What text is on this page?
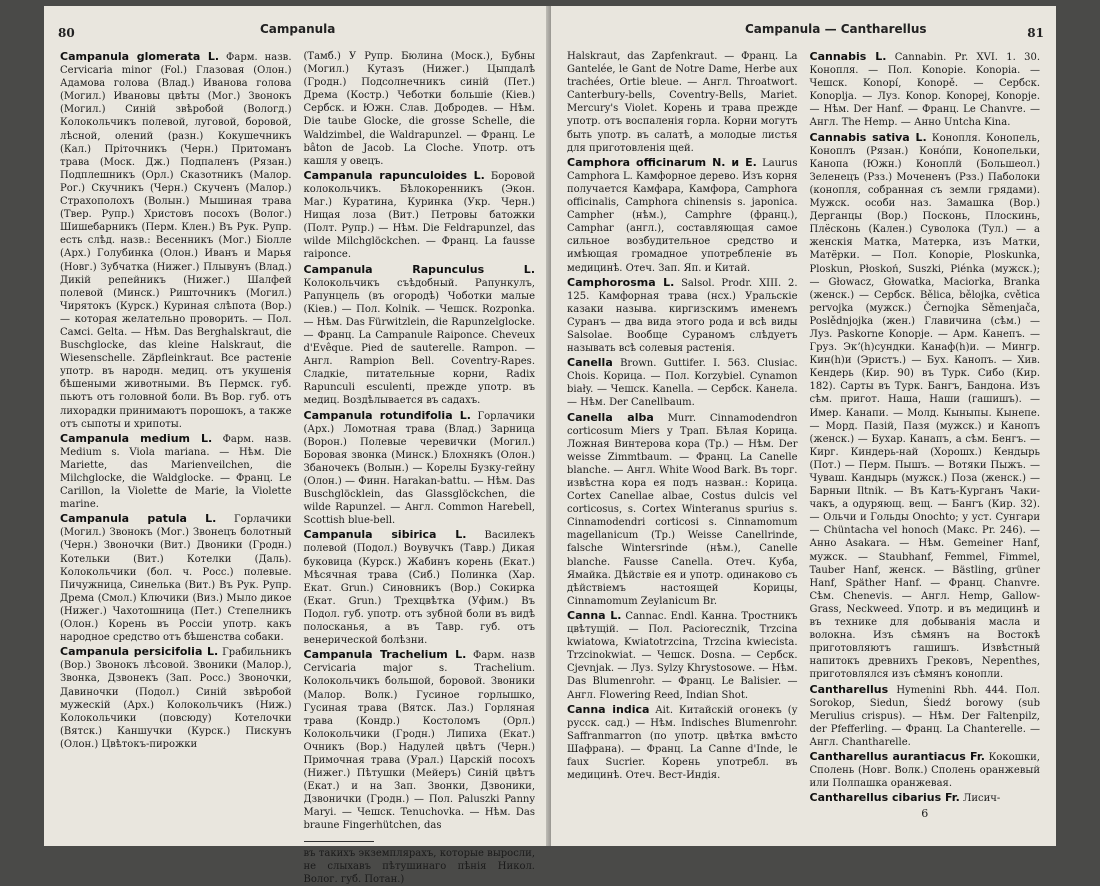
80	Campanula

Campanula glomerata L. Фарм. назв. Cervicaria minor (Fol.) Глазовая (Олон.) Адамова голова (Влад.) Ивановa голова (Могил.) Ивановы цвѣты (Мог.) Звонокъ (Могил.) Синій звѣробой (Вологд.) Колокольчикъ полевой, луговой, боровой, лѣсной, олений (разн.) Кокушечникъ (Кал.) Пріточникъ (Черн.) Притоманъ трава (Моск. Дж.) Подпаленъ (Рязан.) Подплешникъ (Орл.) Сказотникъ (Малор. Рог.) Скучникъ (Черн.) Скученъ (Малор.) Страхополохъ (Волын.) Мышиная трава (Твер. Рупр.) Христовъ посохъ (Волог.) Шишебарникъ (Перм. Клен.) Въ Рук. Рупр. есть слѣд. назв.: Весенникъ (Мог.) Біолле (Арх.) Голубинка (Олон.) Иванъ и Марья (Новг.) Зубчатка (Нижег.) Плывунъ (Влад.) Дикій репейникъ (Нижег.) Шалфей полевой (Минск.) Ришточникъ (Могил.) Чирятокъ (Курск.) Куриная слѣпота (Вор.) — которая желательно проворить. — Пол. Самсі. Gelta. — Нѣм. Das Berghalskraut, die Buschglocke, das kleine Halskraut, die Wiesenschelle. Zäpfleinkraut. Все растеніе употр. въ народн. медиц. отъ укушенія бѣшеными животными. Въ Пермск. губ. пьютъ отъ головной боли. Въ Вор. губ. отъ лихорадки принимаютъ порошокъ, а также отъ сыпоты и хрипоты.

Campanula medium L. Фарм. назв. Medium s. Viola mariana. — Нѣм. Die Mariette, das Marienveilchen, die Milchglocke, die Waldglocke. — Франц. Le Carillon, la Violette de Marie, la Violette marine.

Campanula patula L. Горлачики (Могил.) Звонокъ (Мог.) Звонецъ болотный (Черн.) Звоночки (Вит.) Двоники (Гродн.) Котельки (Вит.) Котелки (Даль). Колокольчики (бол. ч. Росс.) полевые. Пичужница, Синелька (Вит.) Въ Рук. Рупр. Дрема (Смол.) Ключики (Виз.) Мыло дикое (Нижег.) Чахотошница (Пет.) Степелникъ (Олон.) Корень въ Россіи употр. какъ народное средство отъ бѣшенства собаки.

Campanula persicifolia L. Грабильникъ (Вор.) Звонокъ лѣсовой. Звоники (Малор.), Звонка, Дзвонекъ (Зап. Росс.) Звоночки, Давиночки (Подол.) Синій звѣробой мужескій (Арх.) Колокольчикъ (Ниж.) Колокольчики (повсюду) Котелочки (Вятск.) Каншучки (Курск.) Пискунъ (Олон.) Цвѣтокъ-пирожки

(Тамб.) У Рупр. Бюлина (Моск.), Бубны (Могил.) Кутазъ (Нижег.) Цыпдалѣ (Гродн.) Подсолнечникъ синій (Пет.) Дрема (Костр.) Чеботки большіе (Кіев.) Сербск. и Южн. Слав. Добродев. — Нѣм. Die taube Glocke, die grosse Schelle, die Waldzimbel, die Waldrapunzel. — Франц. Le bâton de Jacob. La Cloche. Употр. отъ кашля у овецъ.

Campanula rapunculoides L. Боровой колокольчикъ. Бѣлокоренникъ (Экон. Маг.) Куратина, Куринка (Укр. Черн.) Нищая лоза (Вит.) Петровы батожки (Полт. Рупр.) — Нѣм. Die Feldrapunzel, das wilde Milchglöckchen. — Франц. La fausse raiponce.

Campanula Rapunculus L. Колокольчикъ съѣдобный. Рапункулъ, Рапунцель (въ огородѣ) Чоботки малые (Кіев.) — Пол. Kolnik. — Чешск. Rozponka. — Нѣм. Das Fürwitzlein, die Rapunzelglocke. — Франц. La Campanule Raiponce. Cheveux d'Evêque. Pied de sauterelle. Rampon. — Англ. Rampion Bell. Coventry-Rapes. Сладкіе, питательные корни, Radix Rapunculi esculenti, прежде употр. въ медиц. Воздѣлывается въ садахъ.

Campanula rotundifolia L. Горлачики (Арх.) Ломотная трава (Влад.) Зарница (Ворон.) Полевые черевички (Могил.) Боровая звонка (Минск.) Блохнякъ (Олон.) Збаночекъ (Волын.) — Корелы Бузку-гейну (Олон.) — Финн. Harakan-battu. — Нѣм. Das Buschglöcklein, das Glassglöckchen, die wilde Rapunzel. — Англ. Common Harebell, Scottish blue-bell.

Campanula sibirica L. Василекъ полевой (Подол.) Воувучкъ (Тавр.) Дикая буковица (Курск.) Жабинъ корень (Екат.) Мѣсячная трава (Сиб.) Полинка (Хар. Екат. Grun.) Синовникъ (Вор.) Сокирка (Екат. Grun.) Трехцвѣтка (Уфим.) Въ Подол. губ. употр. отъ зубной боли въ видѣ полосканья, а въ Тавр. губ. отъ венерической болѣзни.

Campanula Trachelium L. Фарм. назв Cervicaria major s. Trachelium. Колокольчикъ большой, боровой. Звоники (Малор. Волк.) Гусиное горлышко, Гусиная трава (Вятск. Лаз.) Горляная трава (Кондр.) Костоломъ (Орл.) Колокольчики (Гродн.) Липиха (Екат.) Очникъ (Вор.) Надулей цвѣтъ (Черн.) Примочная трава (Урал.) Царскій посохъ (Нижег.) Пѣтушки (Мейеръ) Синій цвѣтъ (Екат.) и на Зап. Звонки, Дзвоники, Дзвонички (Гродн.) — Пол. Paluszki Panny Maryi. — Чешск. Tenuchovka. — Нѣм. Das braune Fingerhütchen, das

въ такихъ экземплярахъ, которые выросли, не слыхавъ пѣтушинаго пѣнія Никол. Волог. губ. Потан.)
Campanula — Cantharellus	81

Halskraut, das Zapfenkraut. — Франц. La Gantelée, le Gant de Notre Dame, Herbe aux trachées, Ortie bleue. — Англ. Throatwort. Canterbury-bells, Coventry-Bells, Mariet. Mercury's Violet. Корень и трава прежде употр. отъ воспаленія горла. Корни могутъ быть употр. въ салатѣ, а молодые листья для приготовленія щей.

Camphora officinarum N. и E. Laurus Camphora L. Камфорное дерево. Изъ корня получается Камфара, Камфора, Camphora officinalis, Camphora chinensis s. japonica. Campher (нѣм.), Camphre (франц.), Camphar (англ.), составляющая самое сильное возбудительное средство и имѣющая громадное употребленіе въ медицинѣ. Отеч. Зап. Яп. и Китай.

Camphorosma L. Salsol. Prodr. XIII. 2. 125. Камфорная трава (нсх.) Уральскіе казаки называ. киргизскимъ именемъ Суранъ — два вида этого рода и всѣ виды Salsolae. Вообще Сураномъ слѣдуетъ называть всѣ солевыя растенія.

Canella Brown. Guttifer. I. 563. Clusiac. Chois. Корица. — Пол. Korzybiel. Cynamon biały. — Чешск. Kanella. — Сербск. Канела. — Нѣм. Der Canellbaum.

Canella alba Murr. Cinnamodendron corticosum Miers у Трап. Бѣлая Корица. Ложная Винтерова кора (Тр.) — Нѣм. Der weisse Zimmtbaum. — Франц. La Canelle blanche. — Англ. White Wood Bark. Въ торг. извѣстна кора ея подъ назван.: Корица. Cortex Canellae albae, Costus dulcis vel corticosus, s. Cortex Winteranus spurius s. Cinnamodendri corticosi s. Cinnamomum magellanicum (Тр.) Weisse Canellrinde, falsche Wintersrinde (нѣм.), Canelle blanche. Fausse Canella. Отеч. Куба, Ямайка. Дѣйствіе ея и употр. одинаково съ дѣйствіемъ настоящей Корицы, Cinnamomum Zeylanicum Br.

Canna L. Cannac. Endl. Канна. Тростникъ цвѣтущій. — Пол. Paciorecznik, Trzcina kwiatowa, Kwiatotrzcina, Trzcina kwiecista. Trzcinokwiat. — Чешск. Dosna. — Сербск. Cjevnjak. — Луз. Sylzy Khrystosowe. — Нѣм. Das Blumenrohr. — Франц. Le Balisier. — Англ. Flowering Reed, Indian Shot.

Canna indica Ait. Китайскій огонекъ (у русск. сад.) — Нѣм. Indisches Blumenrohr. Saffranmarron (по употр. цвѣтка вмѣсто Шафрана). — Франц. La Canne d'Inde, le faux Sucrier. Корень употребл. въ медицинѣ. Отеч. Вест-Индія.

Cannabis L. Cannabin. Pr. XVI. 1. 30. Конопля. — Пол. Konopie. Konopia. — Чешск. Konopí, Konopě. — Сербск. Konoplja. — Луз. Konop. Konopej, Konopje. — Нѣм. Der Hanf. — Франц. Le Chanvre. — Англ. The Hemp. — Анно Untcha Kina.

Cannabis sativa L. Конопля. Конопель, Коноплъ (Рязан.) Коно́пи, Конопельки, Канопа (Южн.) Коноплй (Большеол.) Зеленецъ (Рзз.) Мочененъ (Рзз.) Паболоки (конопля, собранная съ земли грядами). Мужск. особи наз. Замашка (Вор.) Дерганцы (Вор.) Посконь, Плоскинь, Плёсконь (Кален.) Суволока (Тул.) — а женскія Матка, Матерка, изъ Матки, Матёрки. — Пол. Konopie, Ploskunka, Plоskun, Płoskoń, Suszki, Piénka (мужск.); — Głowacz, Głowatka, Maciorka, Branka (женск.) — Сербск. Bělica, bělojka, cvětica pervojka (мужск.) Černojka Sěmenjača, Poslědnjojka (жен.) Главичина (сѣм.) — Луз. Paskorne Konopje. — Арм. Канепъ. — Груз. Экʼ(h)сундки. Канаф(h)и. — Мингр. Кин(h)и (Эристъ.) — Бух. Канопъ. — Хив. Кендерь (Кир. 90) въ Турк. Сибо (Кир. 182). Сарты въ Турк. Бангъ, Бандона. Изъ сѣм. пригот. Наша, Наши (гашишъ). — Имер. Канапи. — Молд. Кыныпы. Кынепе. — Морд. Пазій, Пазя (мужск.) и Канопъ (женск.) — Бухар. Канапъ, а сѣм. Бенгъ. — Кирг. Киндерь-най (Хорошх.) Кендырь (Пот.) — Перм. Пышъ. — Вотяки Пыжъ. — Чуваш. Кандырь (мужск.) Поза (женск.) — Барныи Iltnik. — Въ Катъ-Курганъ Чаки-чакъ, а одуряющ. вещ. — Бангъ (Кир. 32). — Ольчи и Гольды Onochto; у уст. Сунгари — Chüntacha vel honoch (Макс. Pr. 246). — Анно Asakara. — Нѣм. Gemeiner Hanf, мужск. — Staubhanf, Femmel, Fimmel, Tauber Hanf, женск. — Bästling, grüner Hanf, Späther Hanf. — Франц. Chanvre. Сѣм. Chenevis. — Англ. Hemp, Gallow-Grass, Neckweed. Употр. и въ медицинѣ и въ технике для добыванія масла и волокна. Изъ сѣмянъ на Востокѣ приготовляютъ гашишъ. Извѣстный напитокъ древнихъ Грековъ, Nepenthes, приготовлялся изъ сѣмянъ конопли.

Cantharellus Hymenini Rbh. 444. Пол. Sorokop, Siedun, Śiedź borowy (sub Merulius crispus). — Нѣм. Der Faltenpilz, der Pfefferling. — Франц. La Chanterelle. — Англ. Chantharelle.

Cantharellus aurantiacus Fr. Кокошки, Сполень (Новг. Волк.) Сполень оранжевый или Полпашка оранжевая.

Cantharellus cibarius Fr. Лисич-

6
